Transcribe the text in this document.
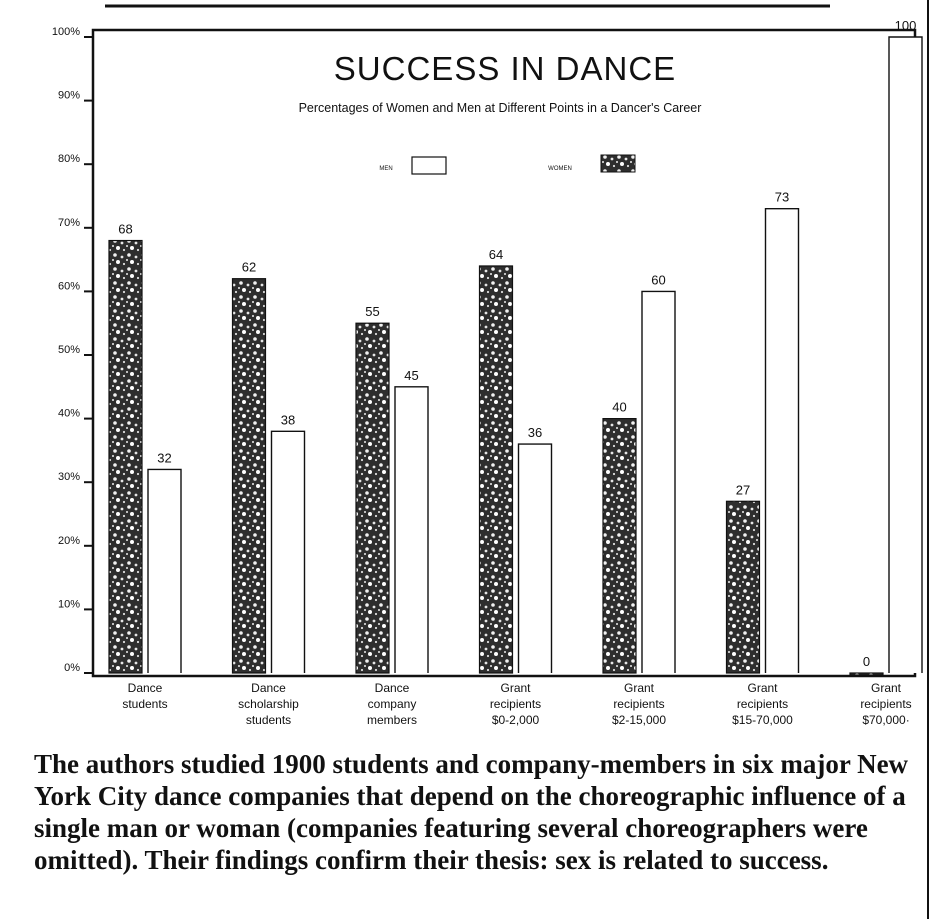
SUCCESS IN DANCE
Percentages of Women and Men at Different Points in a Dancer's Career
MEN	WOMEN
0%
10%
20%
30%
40%
50%
60%
70%
80%
90%
100%
68
32
62
38
55
45
64
36
40
60
27
73
0
100
Dance
students
Dance
scholarship
students
Dance
company
members
Grant
recipients
$0-2,000
Grant
recipients
$2-15,000
Grant
recipients
$15-70,000
Grant
recipients
$70,000·

The authors studied 1900 students and company-members in six major New York City dance companies that depend on the choreographic influence of a single man or woman (companies featuring several choreographers were omitted). Their findings confirm their thesis: sex is related to success.
